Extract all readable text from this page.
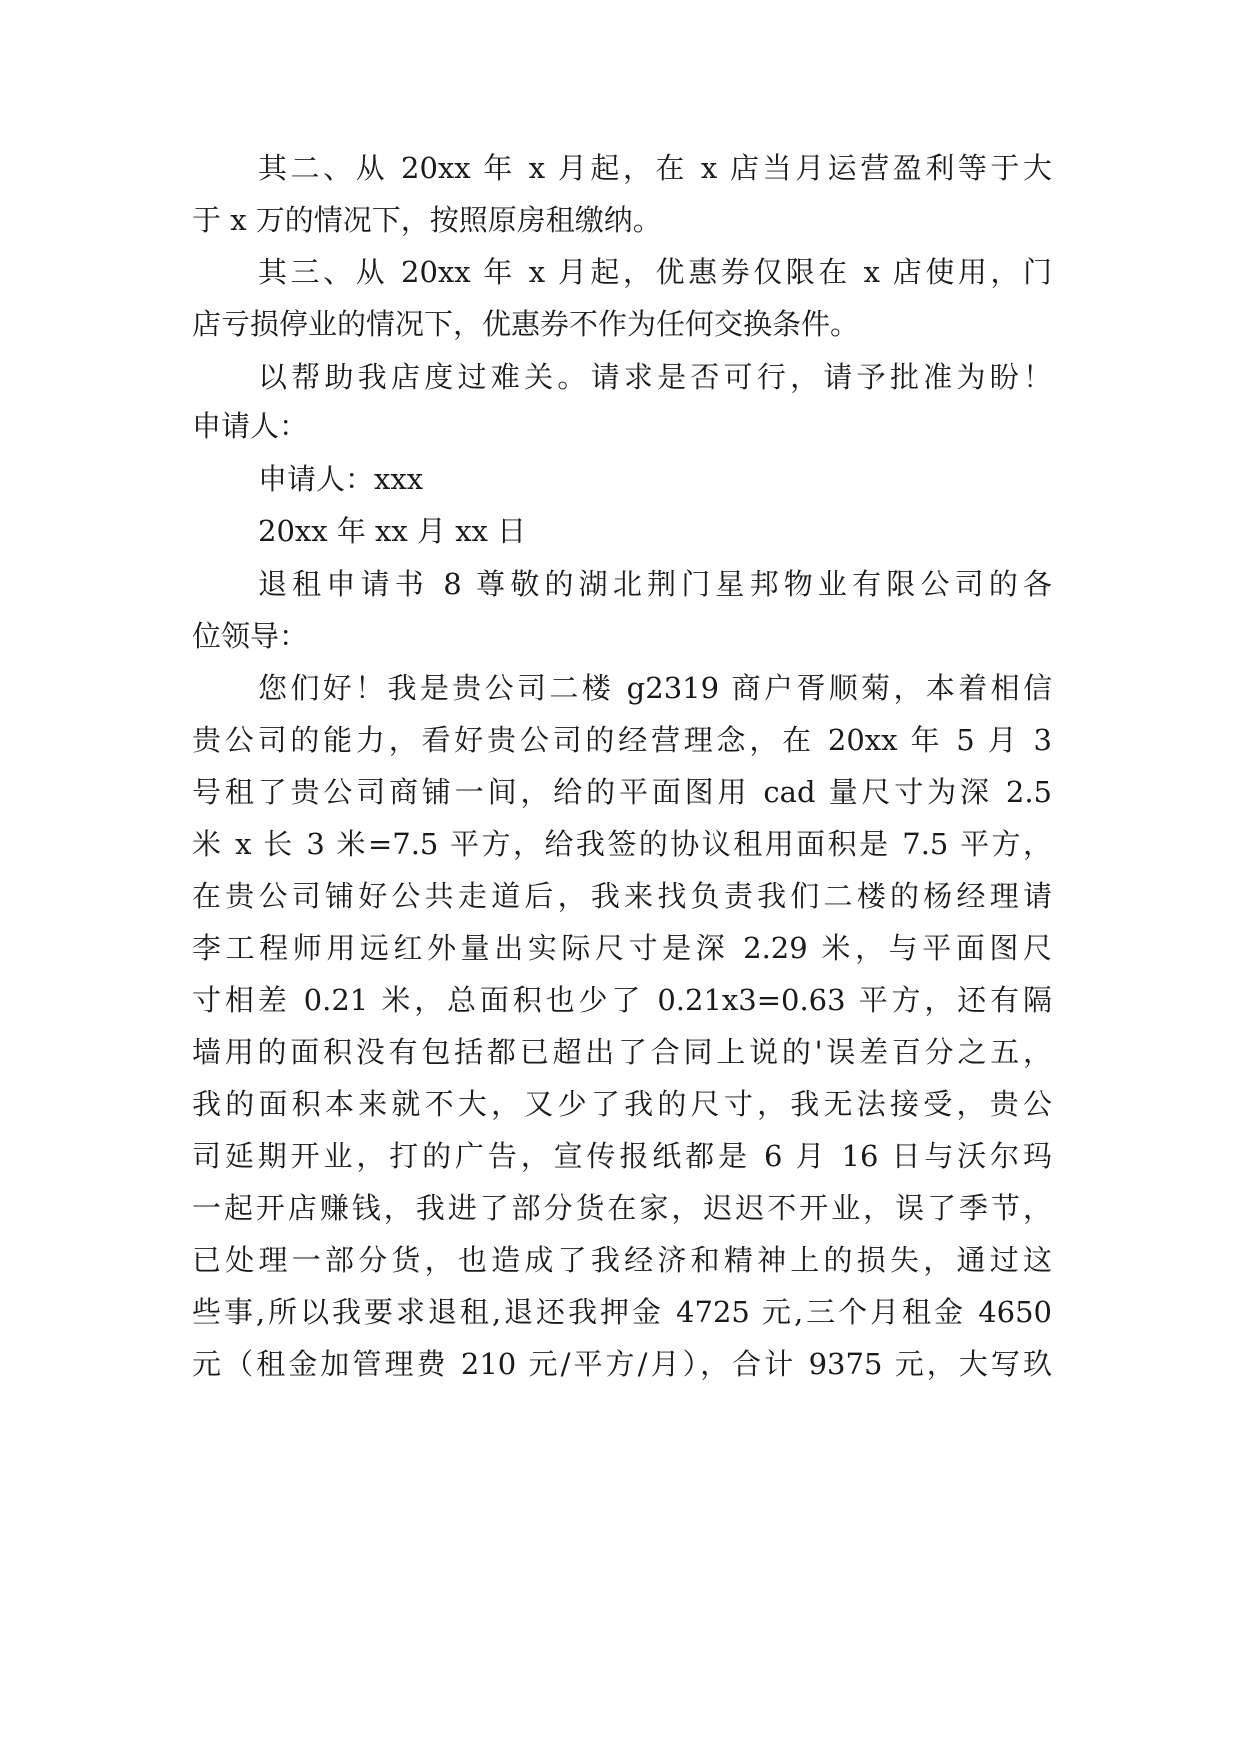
其二、从 20xx 年 x 月起，在 x 店当月运营盈利等于大
于 x 万的情况下，按照原房租缴纳。
其三、从 20xx 年 x 月起，优惠券仅限在 x 店使用，门
店亏损停业的情况下，优惠券不作为任何交换条件。
以帮助我店度过难关。请求是否可行，请予批准为盼！
申请人：
申请人：xxx
20xx 年 xx 月 xx 日
退租申请书 8 尊敬的湖北荆门星邦物业有限公司的各
位领导：
您们好！我是贵公司二楼 g2319 商户胥顺菊，本着相信
贵公司的能力，看好贵公司的经营理念，在 20xx 年 5 月 3
号租了贵公司商铺一间，给的平面图用 cad 量尺寸为深 2.5
米 x 长 3 米=7.5 平方，给我签的协议租用面积是 7.5 平方，
在贵公司铺好公共走道后，我来找负责我们二楼的杨经理请
李工程师用远红外量出实际尺寸是深 2.29 米，与平面图尺
寸相差 0.21 米，总面积也少了 0.21x3=0.63 平方，还有隔
墙用的面积没有包括都已超出了合同上说的'误差百分之五，
我的面积本来就不大，又少了我的尺寸，我无法接受，贵公
司延期开业，打的广告，宣传报纸都是 6 月 16 日与沃尔玛
一起开店赚钱，我进了部分货在家，迟迟不开业，误了季节，
已处理一部分货，也造成了我经济和精神上的损失，通过这
些事,所以我要求退租,退还我押金 4725 元,三个月租金 4650
元（租金加管理费 210 元/平方/月），合计 9375 元，大写玖
